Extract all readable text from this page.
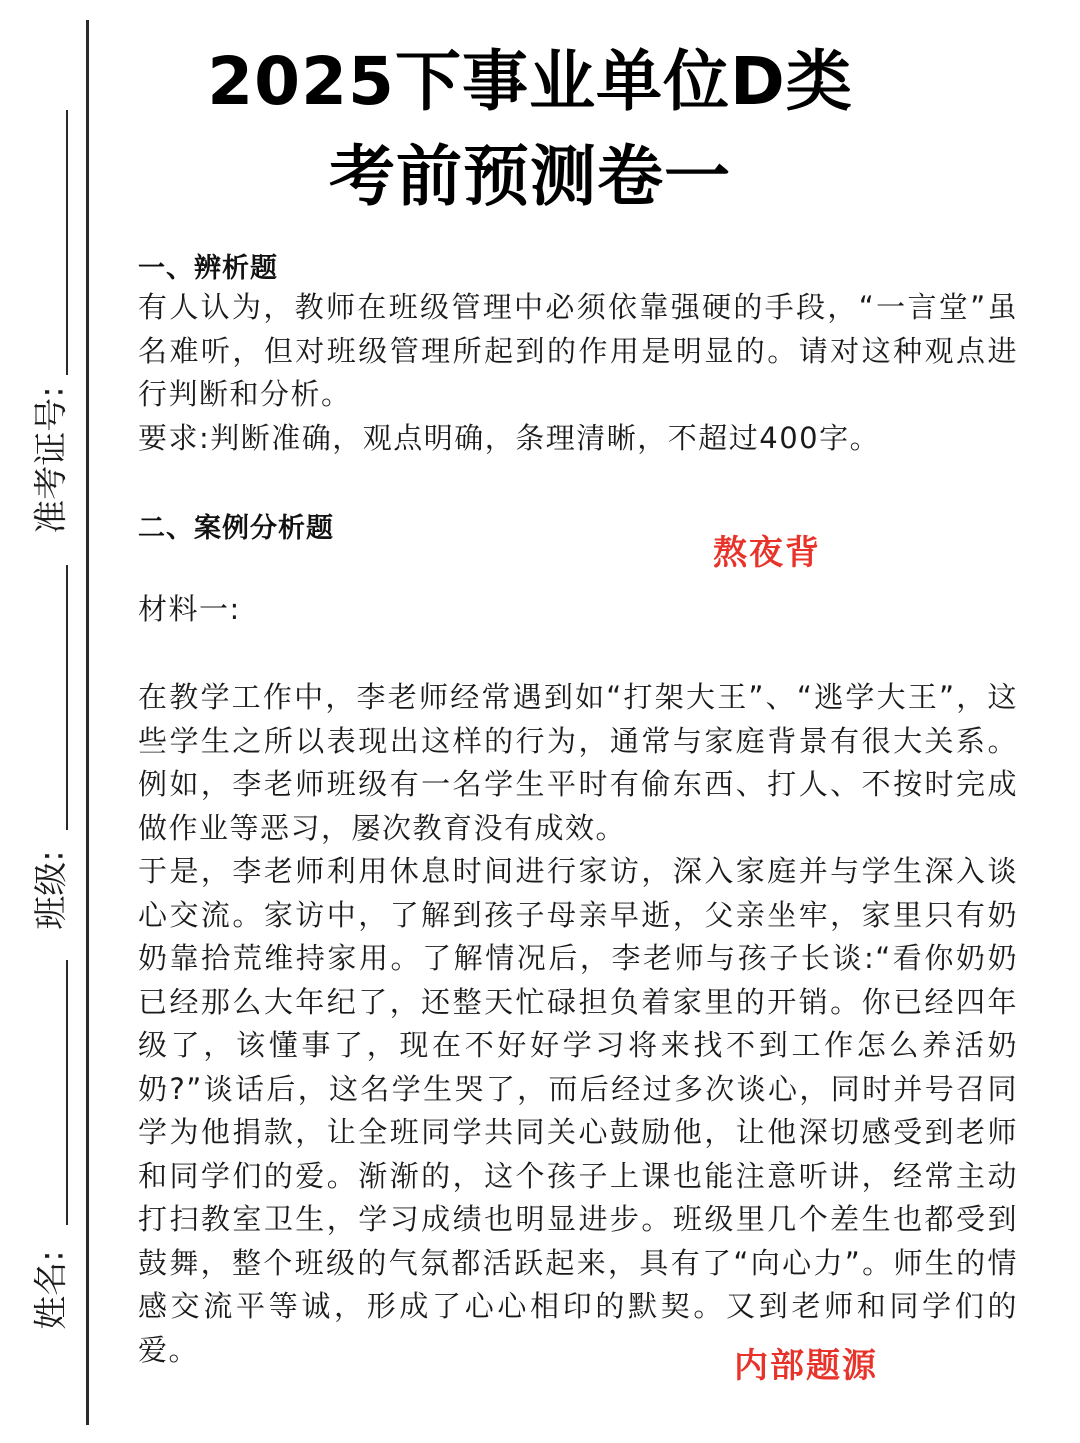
准考证号:
班级:
姓名:
2025下事业单位D类
考前预测卷一
一、辨析题

有人认为，教师在班级管理中必须依靠强硬的手段，“一言堂”虽名难听，但对班级管理所起到的作用是明显的。请对这种观点进行判断和分析。

要求:判断准确，观点明确，条理清晰，不超过400字。

二、案例分析题
材料一:

在教学工作中，李老师经常遇到如“打架大王”、“逃学大王”，这些学生之所以表现出这样的行为，通常与家庭背景有很大关系。例如，李老师班级有一名学生平时有偷东西、打人、不按时完成做作业等恶习，屡次教育没有成效。

于是，李老师利用休息时间进行家访，深入家庭并与学生深入谈心交流。家访中，了解到孩子母亲早逝，父亲坐牢，家里只有奶奶靠拾荒维持家用。了解情况后，李老师与孩子长谈:“看你奶奶已经那么大年纪了，还整天忙碌担负着家里的开销。你已经四年级了，该懂事了，现在不好好学习将来找不到工作怎么养活奶奶?”谈话后，这名学生哭了，而后经过多次谈心，同时并号召同学为他捐款，让全班同学共同关心鼓励他，让他深切感受到老师和同学们的爱。渐渐的，这个孩子上课也能注意听讲，经常主动打扫教室卫生，学习成绩也明显进步。班级里几个差生也都受到鼓舞，整个班级的气氛都活跃起来，具有了“向心力”。师生的情感交流平等诚，形成了心心相印的默契。又到老师和同学们的爱。

熬夜背
内部题源
